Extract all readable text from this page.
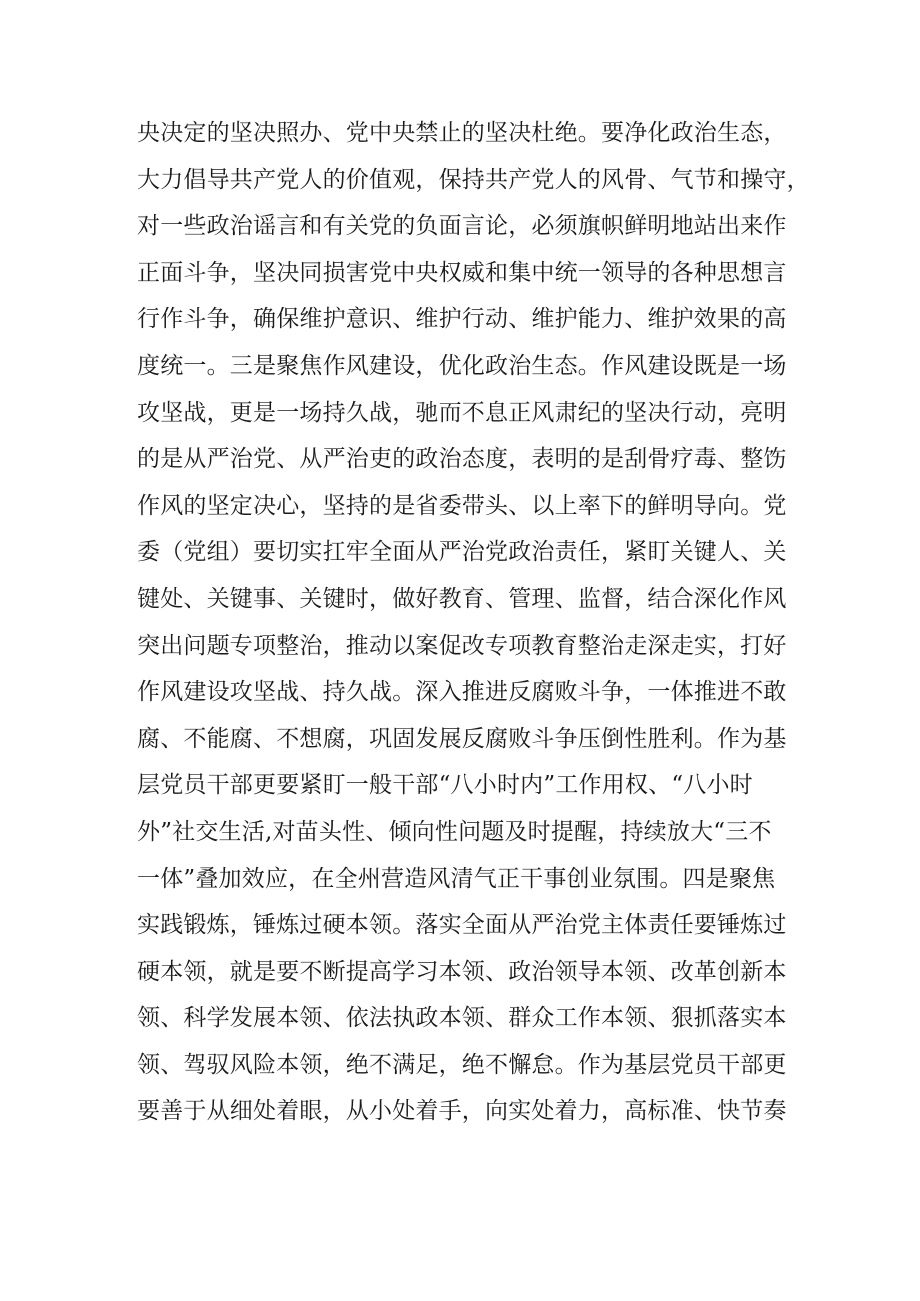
央决定的坚决照办、党中央禁止的坚决杜绝。要净化政治生态，
大力倡导共产党人的价值观，保持共产党人的风骨、气节和操守，
对一些政治谣言和有关党的负面言论，必须旗帜鲜明地站出来作
正面斗争，坚决同损害党中央权威和集中统一领导的各种思想言
行作斗争，确保维护意识、维护行动、维护能力、维护效果的高
度统一。三是聚焦作风建设，优化政治生态。作风建设既是一场
攻坚战，更是一场持久战，驰而不息正风肃纪的坚决行动，亮明
的是从严治党、从严治吏的政治态度，表明的是刮骨疗毒、整饬
作风的坚定决心，坚持的是省委带头、以上率下的鲜明导向。党
委（党组）要切实扛牢全面从严治党政治责任，紧盯关键人、关
键处、关键事、关键时，做好教育、管理、监督，结合深化作风
突出问题专项整治，推动以案促改专项教育整治走深走实，打好
作风建设攻坚战、持久战。深入推进反腐败斗争，一体推进不敢
腐、不能腐、不想腐，巩固发展反腐败斗争压倒性胜利。作为基
层党员干部更要紧盯一般干部“八小时内”工作用权、“八小时
外”社交生活,对苗头性、倾向性问题及时提醒，持续放大“三不
一体”叠加效应，在全州营造风清气正干事创业氛围。四是聚焦
实践锻炼，锤炼过硬本领。落实全面从严治党主体责任要锤炼过
硬本领，就是要不断提高学习本领、政治领导本领、改革创新本
领、科学发展本领、依法执政本领、群众工作本领、狠抓落实本
领、驾驭风险本领，绝不满足，绝不懈怠。作为基层党员干部更
要善于从细处着眼，从小处着手，向实处着力，高标准、快节奏
